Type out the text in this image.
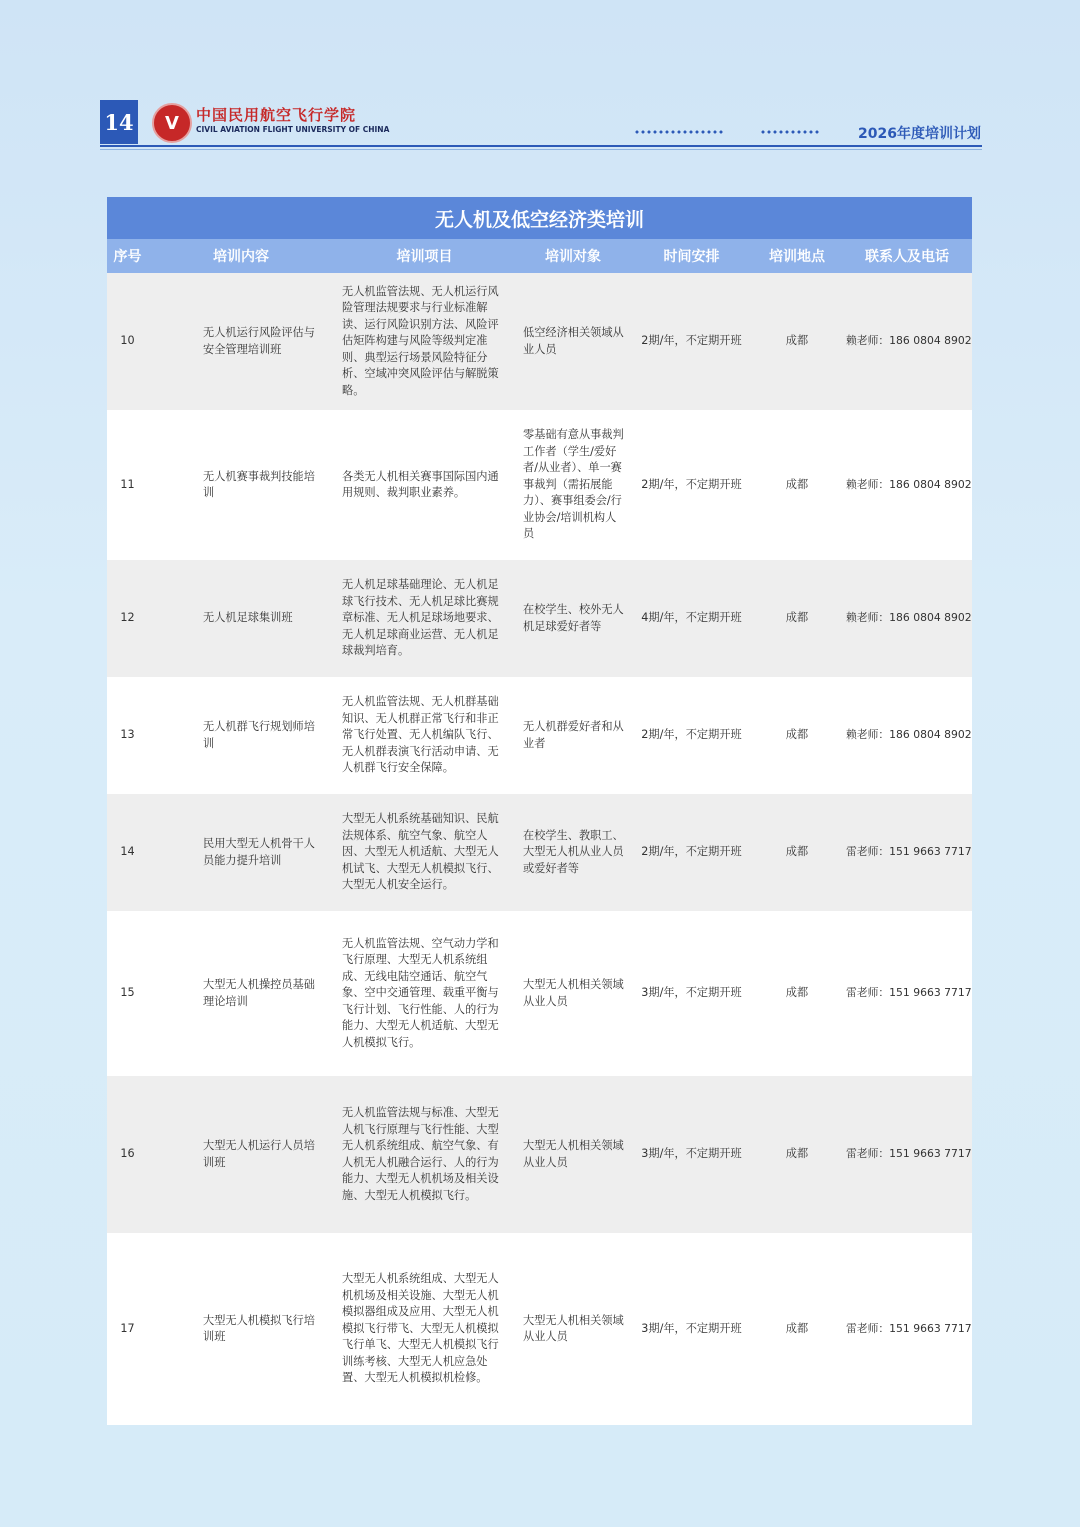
14	V	中国民用航空飞行学院
CIVIL AVIATION FLIGHT UNIVERSITY OF CHINA	2026年度培训计划
无人机及低空经济类培训
序号	培训内容	培训项目	培训对象	时间安排	培训地点	联系人及电话
10	无人机运行风险评估与安全管理培训班	无人机监管法规、无人机运行风险管理法规要求与行业标准解读、运行风险识别方法、风险评估矩阵构建与风险等级判定准则、典型运行场景风险特征分析、空域冲突风险评估与解脱策略。	低空经济相关领域从业人员	2期/年，不定期开班	成都	赖老师：186 0804 8902
11	无人机赛事裁判技能培训	各类无人机相关赛事国际国内通用规则、裁判职业素养。	零基础有意从事裁判工作者（学生/爱好者/从业者）、单一赛事裁判（需拓展能力）、赛事组委会/行业协会/培训机构人员	2期/年，不定期开班	成都	赖老师：186 0804 8902
12	无人机足球集训班	无人机足球基础理论、无人机足球飞行技术、无人机足球比赛规章标准、无人机足球场地要求、无人机足球商业运营、无人机足球裁判培育。	在校学生、校外无人机足球爱好者等	4期/年，不定期开班	成都	赖老师：186 0804 8902
13	无人机群飞行规划师培训	无人机监管法规、无人机群基础知识、无人机群正常飞行和非正常飞行处置、无人机编队飞行、无人机群表演飞行活动申请、无人机群飞行安全保障。	无人机群爱好者和从业者	2期/年，不定期开班	成都	赖老师：186 0804 8902
14	民用大型无人机骨干人员能力提升培训	大型无人机系统基础知识、民航法规体系、航空气象、航空人因、大型无人机适航、大型无人机试飞、大型无人机模拟飞行、大型无人机安全运行。	在校学生、教职工、大型无人机从业人员或爱好者等	2期/年，不定期开班	成都	雷老师：151 9663 7717
15	大型无人机操控员基础理论培训	无人机监管法规、空气动力学和飞行原理、大型无人机系统组成、无线电陆空通话、航空气象、空中交通管理、载重平衡与飞行计划、飞行性能、人的行为能力、大型无人机适航、大型无人机模拟飞行。	大型无人机相关领域从业人员	3期/年，不定期开班	成都	雷老师：151 9663 7717
16	大型无人机运行人员培训班	无人机监管法规与标准、大型无人机飞行原理与飞行性能、大型无人机系统组成、航空气象、有人机无人机融合运行、人的行为能力、大型无人机机场及相关设施、大型无人机模拟飞行。	大型无人机相关领域从业人员	3期/年，不定期开班	成都	雷老师：151 9663 7717
17	大型无人机模拟飞行培训班	大型无人机系统组成、大型无人机机场及相关设施、大型无人机模拟器组成及应用、大型无人机模拟飞行带飞、大型无人机模拟飞行单飞、大型无人机模拟飞行训练考核、大型无人机应急处置、大型无人机模拟机检修。	大型无人机相关领域从业人员	3期/年，不定期开班	成都	雷老师：151 9663 7717
